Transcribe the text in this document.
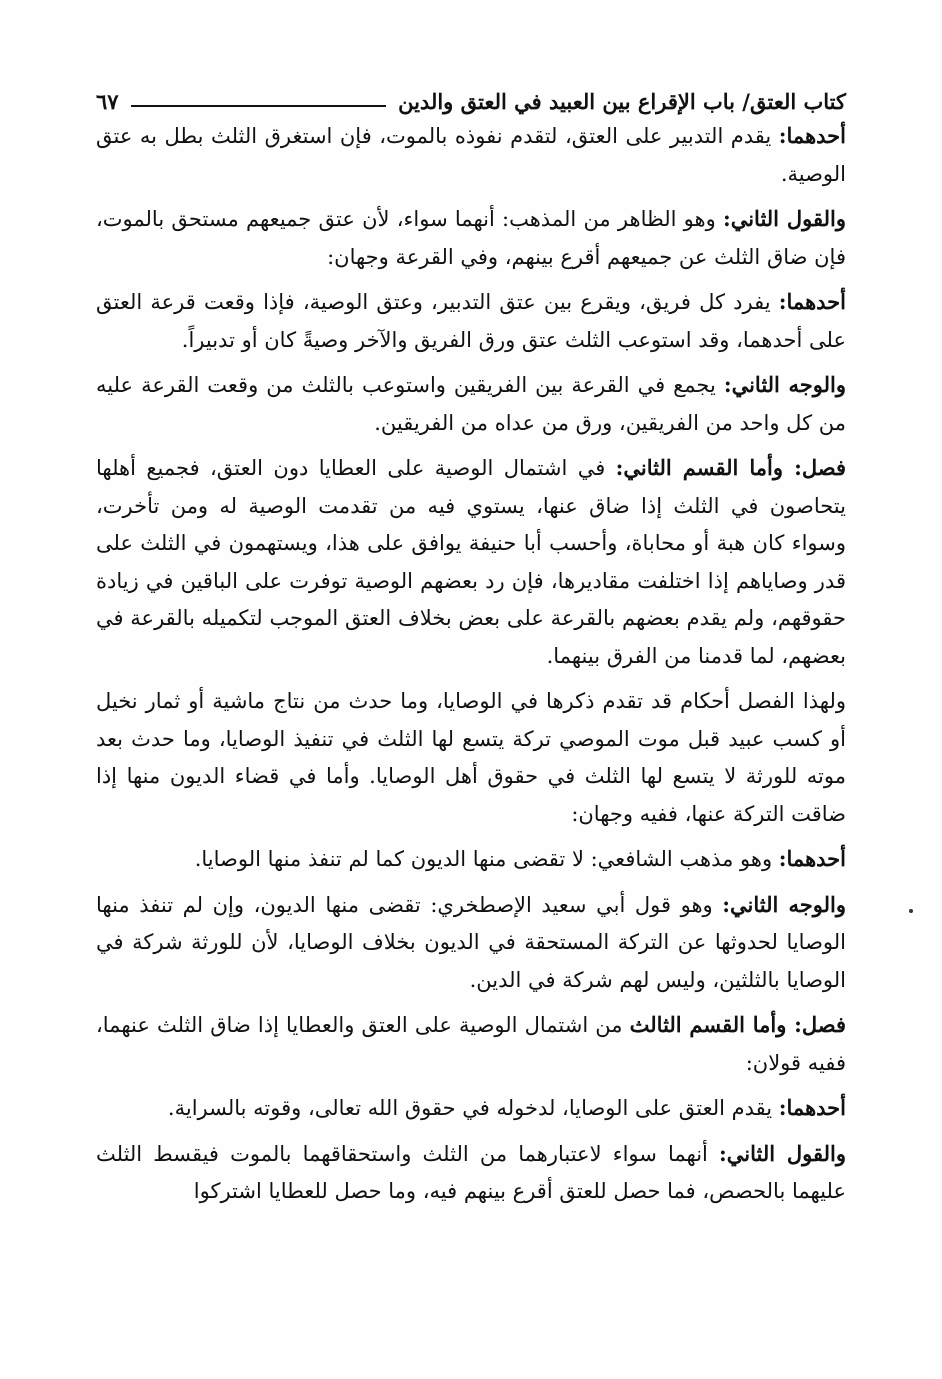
كتاب العتق/ باب الإقراع بين العبيد في العتق والدين
٦٧

أحدهما: يقدم التدبير على العتق، لتقدم نفوذه بالموت، فإن استغرق الثلث بطل به عتق الوصية.

والقول الثاني: وهو الظاهر من المذهب: أنهما سواء، لأن عتق جميعهم مستحق بالموت، فإن ضاق الثلث عن جميعهم أقرع بينهم، وفي القرعة وجهان:

أحدهما: يفرد كل فريق، ويقرع بين عتق التدبير، وعتق الوصية، فإذا وقعت قرعة العتق على أحدهما، وقد استوعب الثلث عتق ورق الفريق والآخر وصيةً كان أو تدبيراً.

والوجه الثاني: يجمع في القرعة بين الفريقين واستوعب بالثلث من وقعت القرعة عليه من كل واحد من الفريقين، ورق من عداه من الفريقين.

فصل: وأما القسم الثاني: في اشتمال الوصية على العطايا دون العتق، فجميع أهلها يتحاصون في الثلث إذا ضاق عنها، يستوي فيه من تقدمت الوصية له ومن تأخرت، وسواء كان هبة أو محاباة، وأحسب أبا حنيفة يوافق على هذا، ويستهمون في الثلث على قدر وصاياهم إذا اختلفت مقاديرها، فإن رد بعضهم الوصية توفرت على الباقين في زيادة حقوقهم، ولم يقدم بعضهم بالقرعة على بعض بخلاف العتق الموجب لتكميله بالقرعة في بعضهم، لما قدمنا من الفرق بينهما.

ولهذا الفصل أحكام قد تقدم ذكرها في الوصايا، وما حدث من نتاج ماشية أو ثمار نخيل أو كسب عبيد قبل موت الموصي تركة يتسع لها الثلث في تنفيذ الوصايا، وما حدث بعد موته للورثة لا يتسع لها الثلث في حقوق أهل الوصايا. وأما في قضاء الديون منها إذا ضاقت التركة عنها، ففيه وجهان:

أحدهما: وهو مذهب الشافعي: لا تقضى منها الديون كما لم تنفذ منها الوصايا.

والوجه الثاني: وهو قول أبي سعيد الإصطخري: تقضى منها الديون، وإن لم تنفذ منها الوصايا لحدوثها عن التركة المستحقة في الديون بخلاف الوصايا، لأن للورثة شركة في الوصايا بالثلثين، وليس لهم شركة في الدين.

فصل: وأما القسم الثالث من اشتمال الوصية على العتق والعطايا إذا ضاق الثلث عنهما، ففيه قولان:

أحدهما: يقدم العتق على الوصايا، لدخوله في حقوق الله تعالى، وقوته بالسراية.

والقول الثاني: أنهما سواء لاعتبارهما من الثلث واستحقاقهما بالموت فيقسط الثلث عليهما بالحصص، فما حصل للعتق أقرع بينهم فيه، وما حصل للعطايا اشتركوا
